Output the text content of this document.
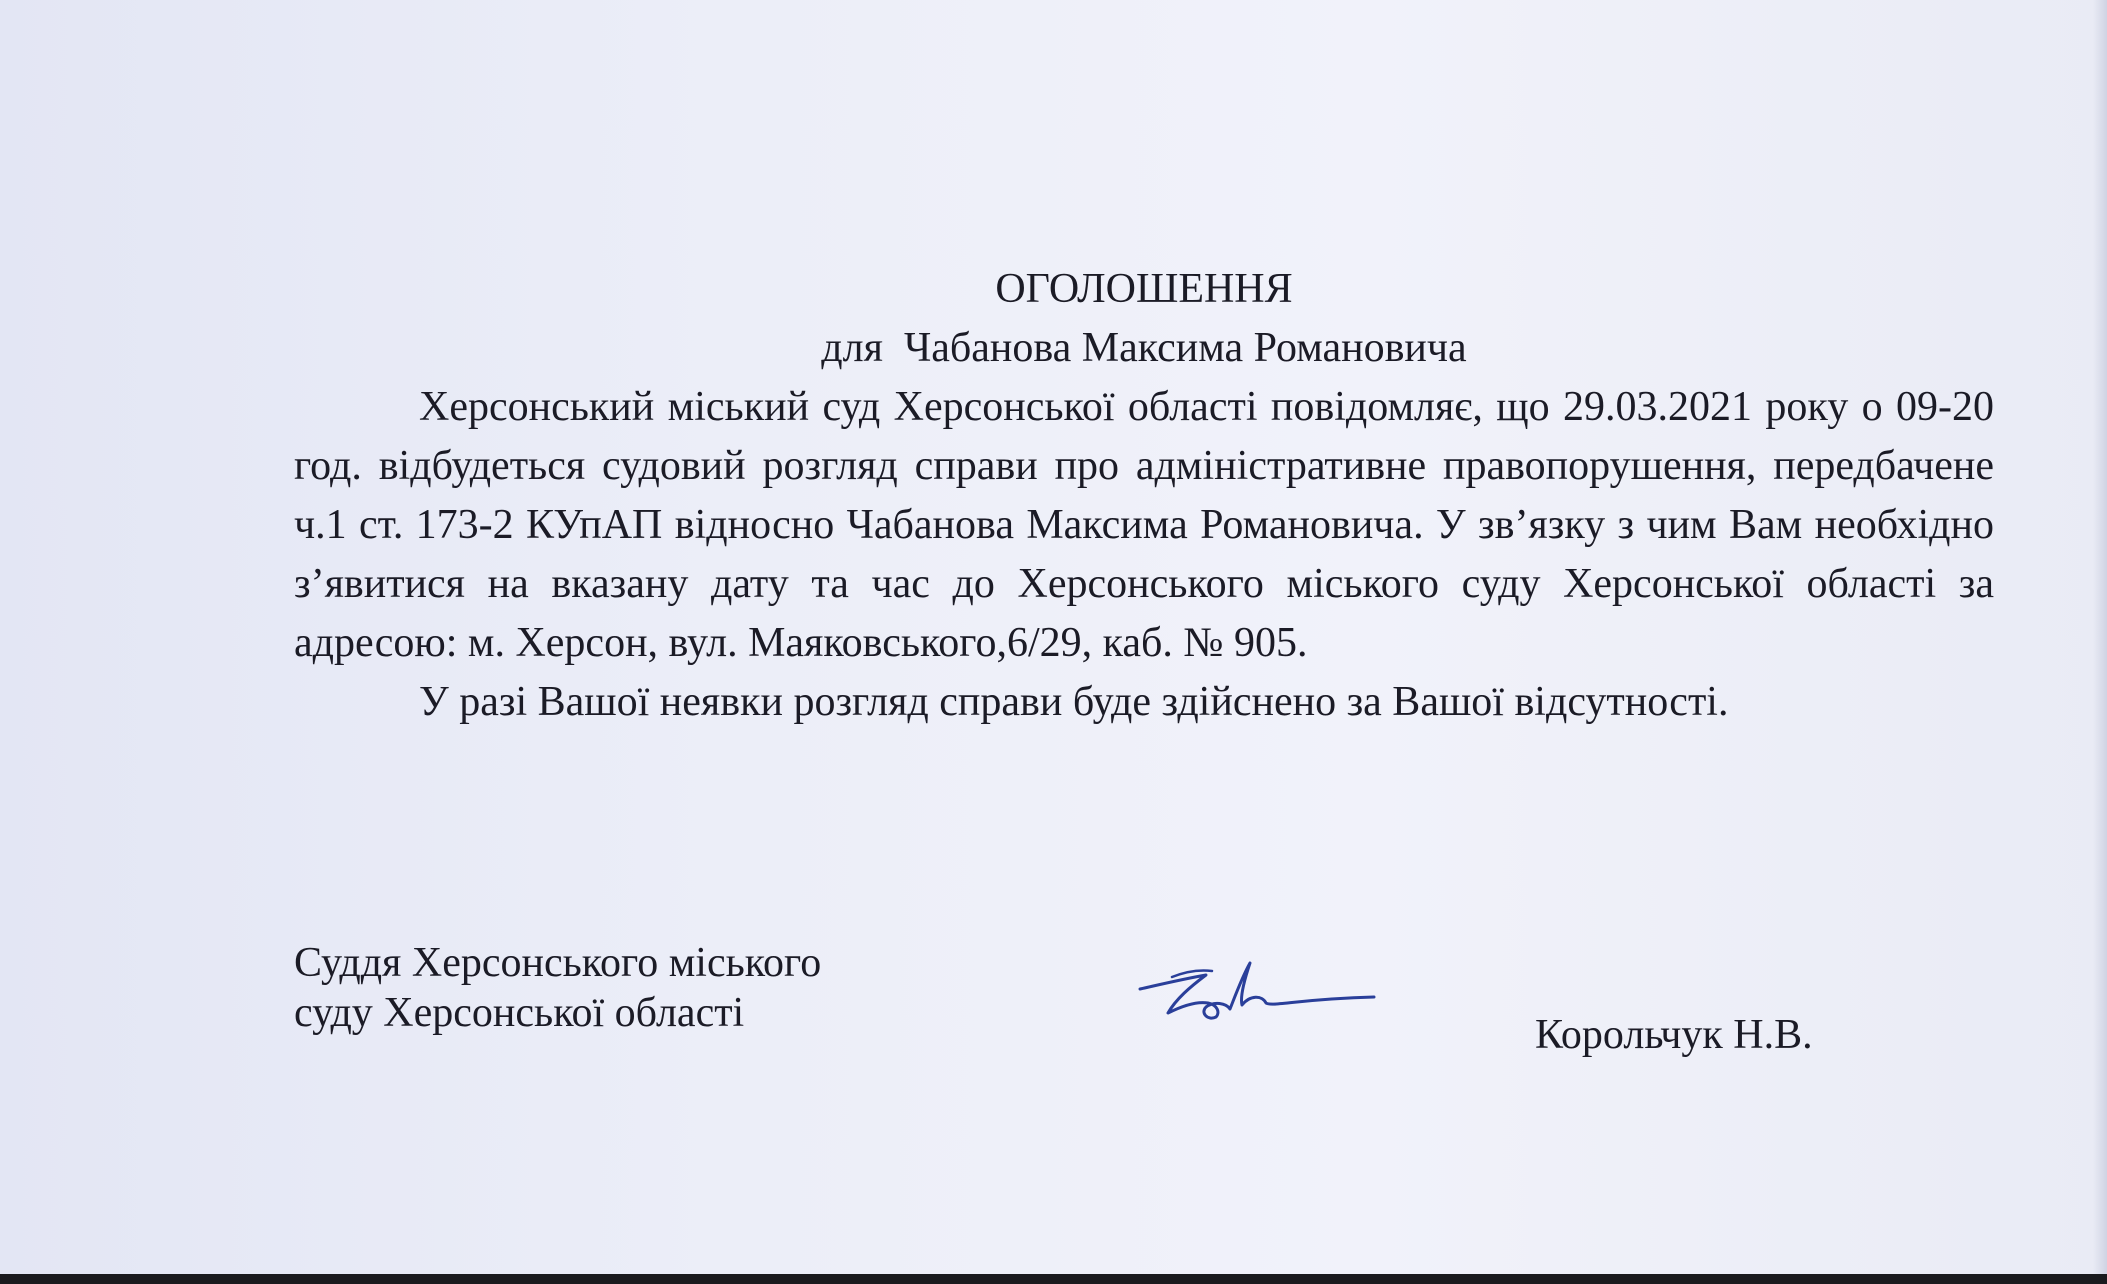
ОГОЛОШЕННЯ

для  Чабанова Максима Романовича

Херсонський міський суд Херсонської області повідомляє, що 29.03.2021 року о 09-20 год. відбудеться судовий розгляд справи про адміністративне правопорушення, передбачене ч.1 ст. 173-2 КУпАП відносно Чабанова Максима Романовича. У зв’язку з чим Вам необхідно з’явитися на вказану дату та час до Херсонського міського суду Херсонської області за адресою: м. Херсон, вул. Маяковського,6/29, каб. № 905.

У разі Вашої неявки розгляд справи буде здійснено за Вашої відсутності.

Суддя Херсонського міського
суду Херсонської області	Корольчук Н.В.
